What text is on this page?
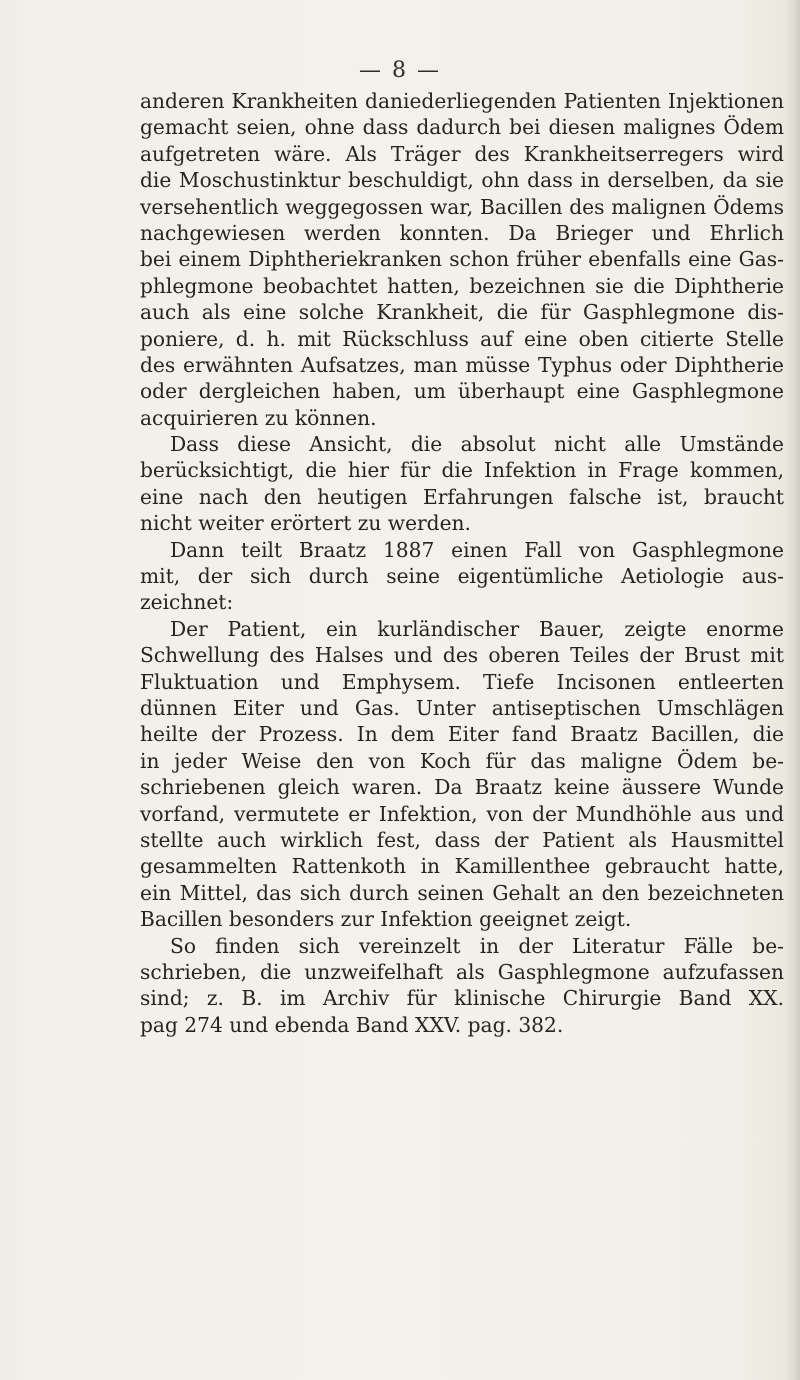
— 8 —
anderen Krankheiten daniederliegenden Patienten Injektionen
gemacht seien, ohne dass dadurch bei diesen malignes Ödem
aufgetreten wäre. Als Träger des Krankheitserregers wird
die Moschustinktur beschuldigt, ohn dass in derselben, da sie
versehentlich weggegossen war, Bacillen des malignen Ödems
nachgewiesen werden konnten. Da Brieger und Ehrlich
bei einem Diphtheriekranken schon früher ebenfalls eine Gas-
phlegmone beobachtet hatten, bezeichnen sie die Diphtherie
auch als eine solche Krankheit, die für Gasphlegmone dis-
poniere, d. h. mit Rückschluss auf eine oben citierte Stelle
des erwähnten Aufsatzes, man müsse Typhus oder Diphtherie
oder dergleichen haben, um überhaupt eine Gasphlegmone
acquirieren zu können.
Dass diese Ansicht, die absolut nicht alle Umstände
berücksichtigt, die hier für die Infektion in Frage kommen,
eine nach den heutigen Erfahrungen falsche ist, braucht
nicht weiter erörtert zu werden.
Dann teilt Braatz 1887 einen Fall von Gasphlegmone
mit, der sich durch seine eigentümliche Aetiologie aus-
zeichnet:
Der Patient, ein kurländischer Bauer, zeigte enorme
Schwellung des Halses und des oberen Teiles der Brust mit
Fluktuation und Emphysem. Tiefe Incisonen entleerten
dünnen Eiter und Gas. Unter antiseptischen Umschlägen
heilte der Prozess. In dem Eiter fand Braatz Bacillen, die
in jeder Weise den von Koch für das maligne Ödem be-
schriebenen gleich waren. Da Braatz keine äussere Wunde
vorfand, vermutete er Infektion, von der Mundhöhle aus und
stellte auch wirklich fest, dass der Patient als Hausmittel
gesammelten Rattenkoth in Kamillenthee gebraucht hatte,
ein Mittel, das sich durch seinen Gehalt an den bezeichneten
Bacillen besonders zur Infektion geeignet zeigt.
So finden sich vereinzelt in der Literatur Fälle be-
schrieben, die unzweifelhaft als Gasphlegmone aufzufassen
sind; z. B. im Archiv für klinische Chirurgie Band XX.
pag 274 und ebenda Band XXV. pag. 382.
